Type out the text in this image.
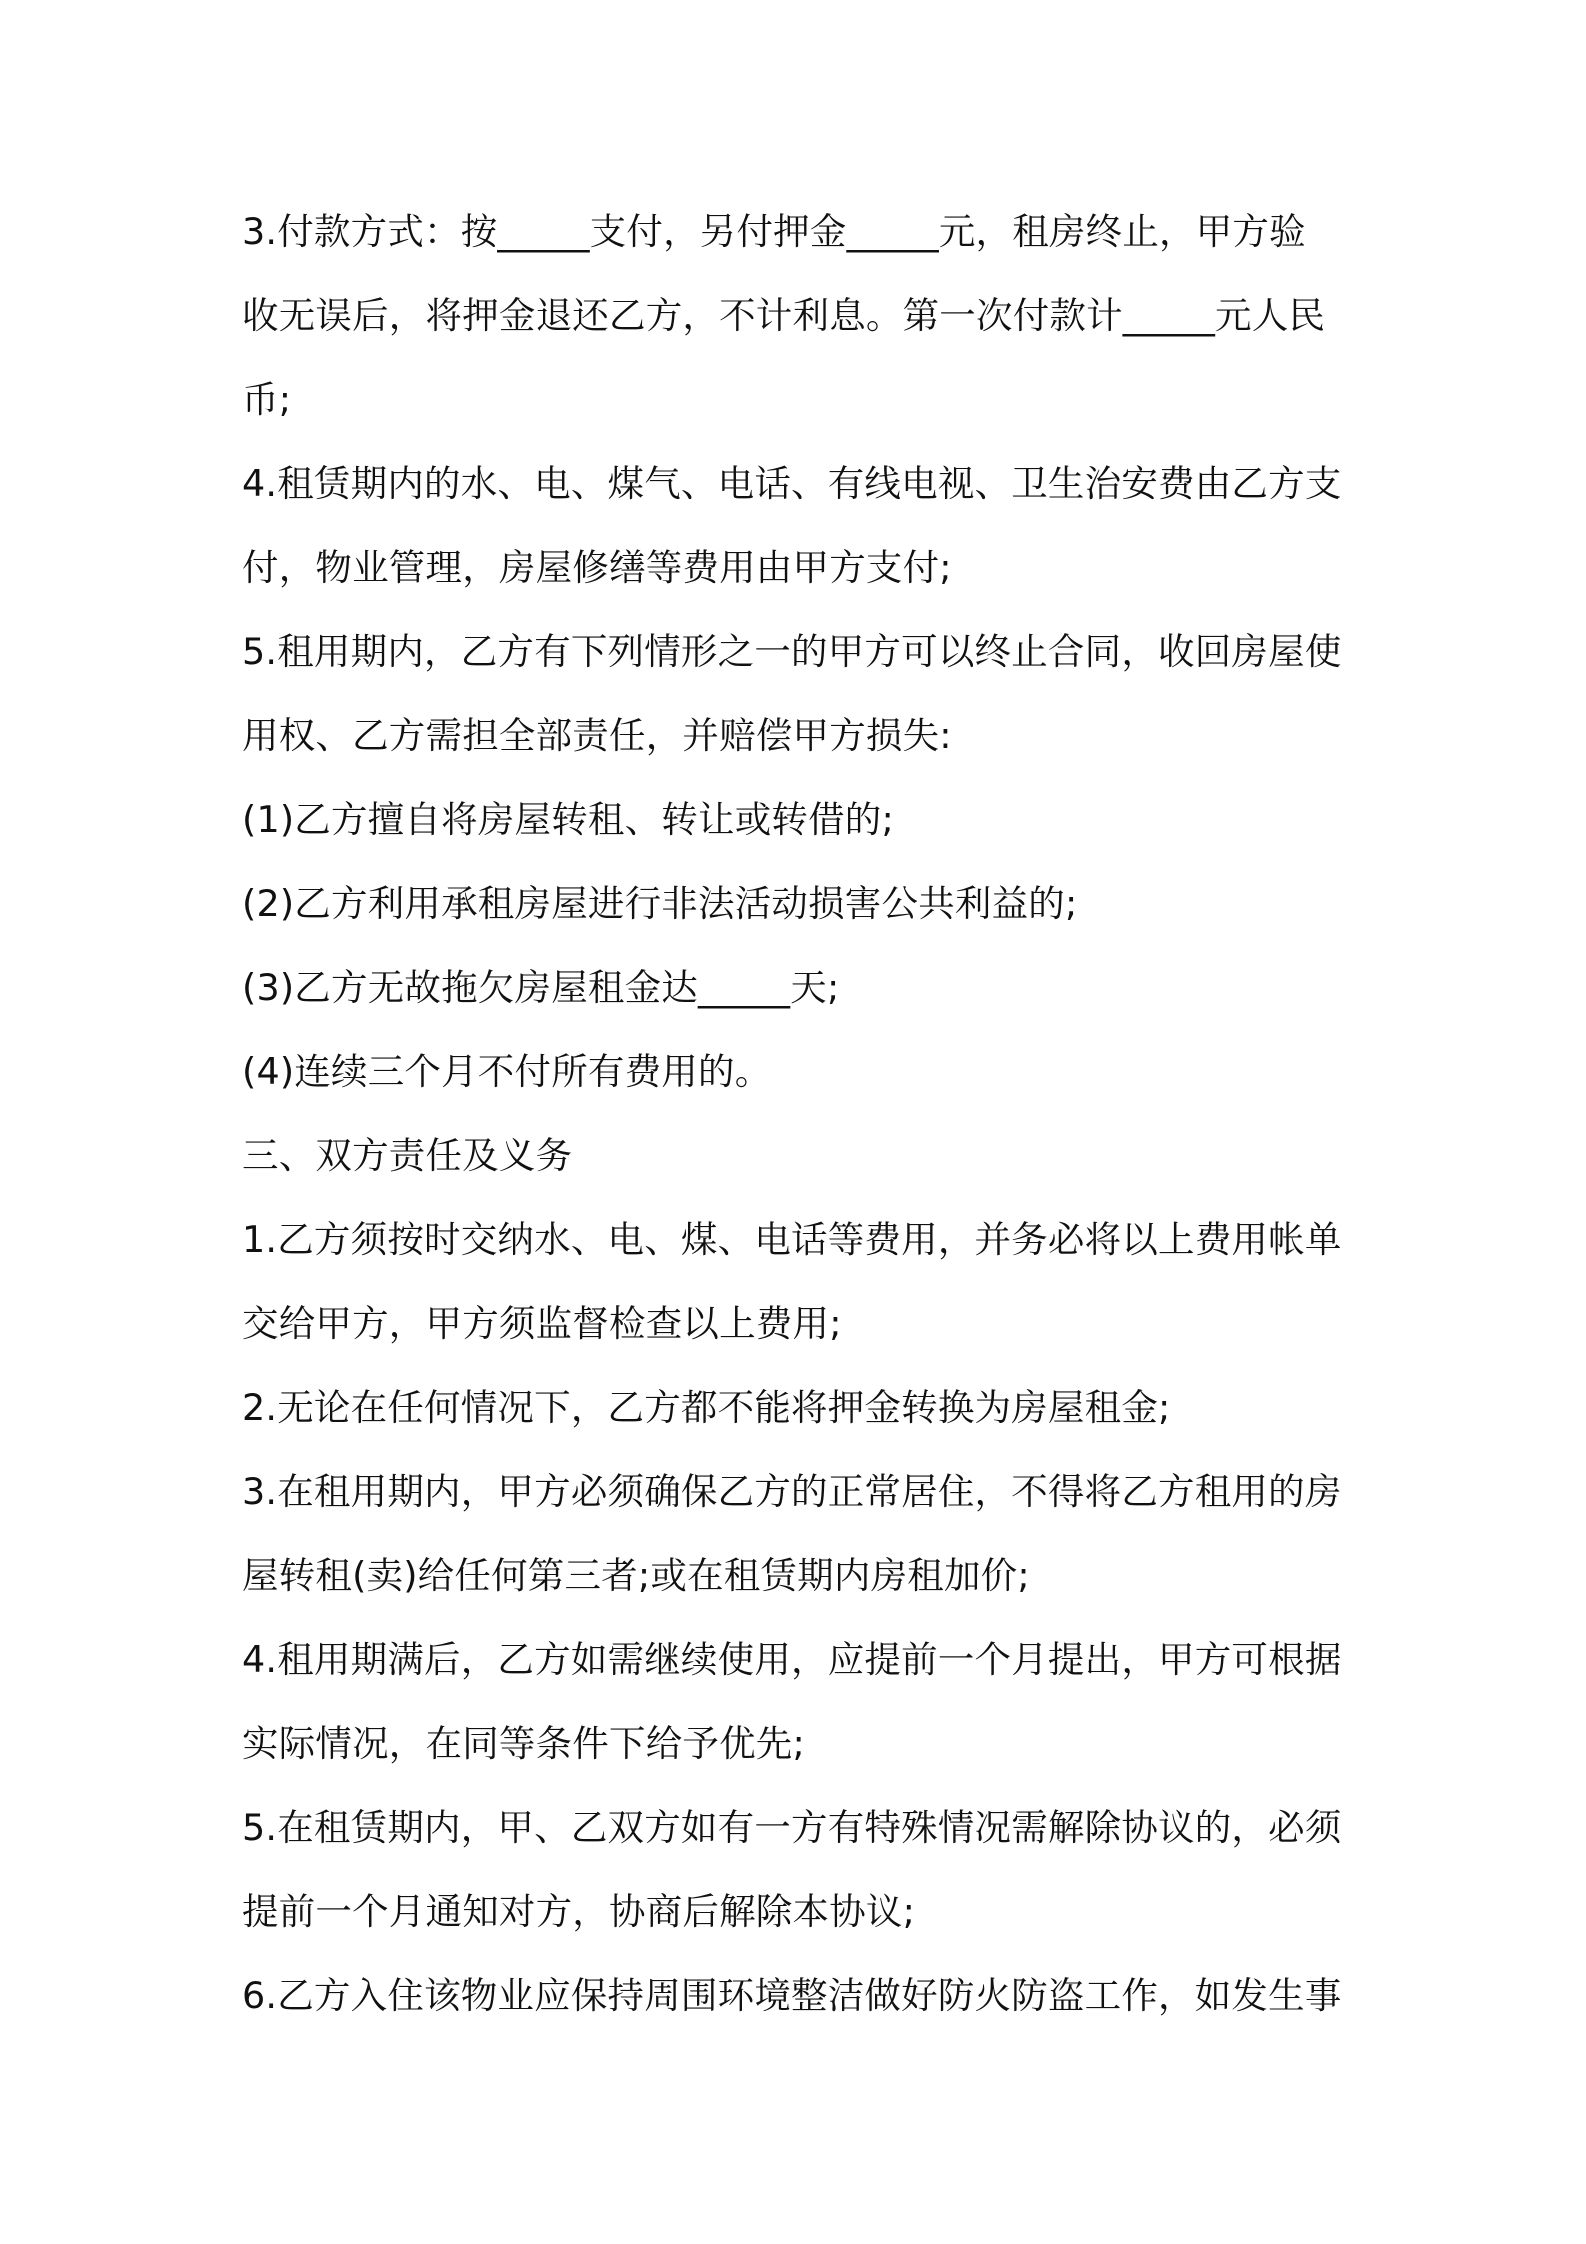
3.付款方式：按_____支付，另付押金_____元，租房终止，甲方验
收无误后，将押金退还乙方，不计利息。第一次付款计_____元人民
币;
4.租赁期内的水、电、煤气、电话、有线电视、卫生治安费由乙方支
付，物业管理，房屋修缮等费用由甲方支付;
5.租用期内，乙方有下列情形之一的甲方可以终止合同，收回房屋使
用权、乙方需担全部责任，并赔偿甲方损失:
(1)乙方擅自将房屋转租、转让或转借的;
(2)乙方利用承租房屋进行非法活动损害公共利益的;
(3)乙方无故拖欠房屋租金达_____天;
(4)连续三个月不付所有费用的。
三、双方责任及义务
1.乙方须按时交纳水、电、煤、电话等费用，并务必将以上费用帐单
交给甲方，甲方须监督检查以上费用;
2.无论在任何情况下，乙方都不能将押金转换为房屋租金;
3.在租用期内，甲方必须确保乙方的正常居住，不得将乙方租用的房
屋转租(卖)给任何第三者;或在租赁期内房租加价;
4.租用期满后，乙方如需继续使用，应提前一个月提出，甲方可根据
实际情况，在同等条件下给予优先;
5.在租赁期内，甲、乙双方如有一方有特殊情况需解除协议的，必须
提前一个月通知对方，协商后解除本协议;
6.乙方入住该物业应保持周围环境整洁做好防火防盗工作，如发生事
